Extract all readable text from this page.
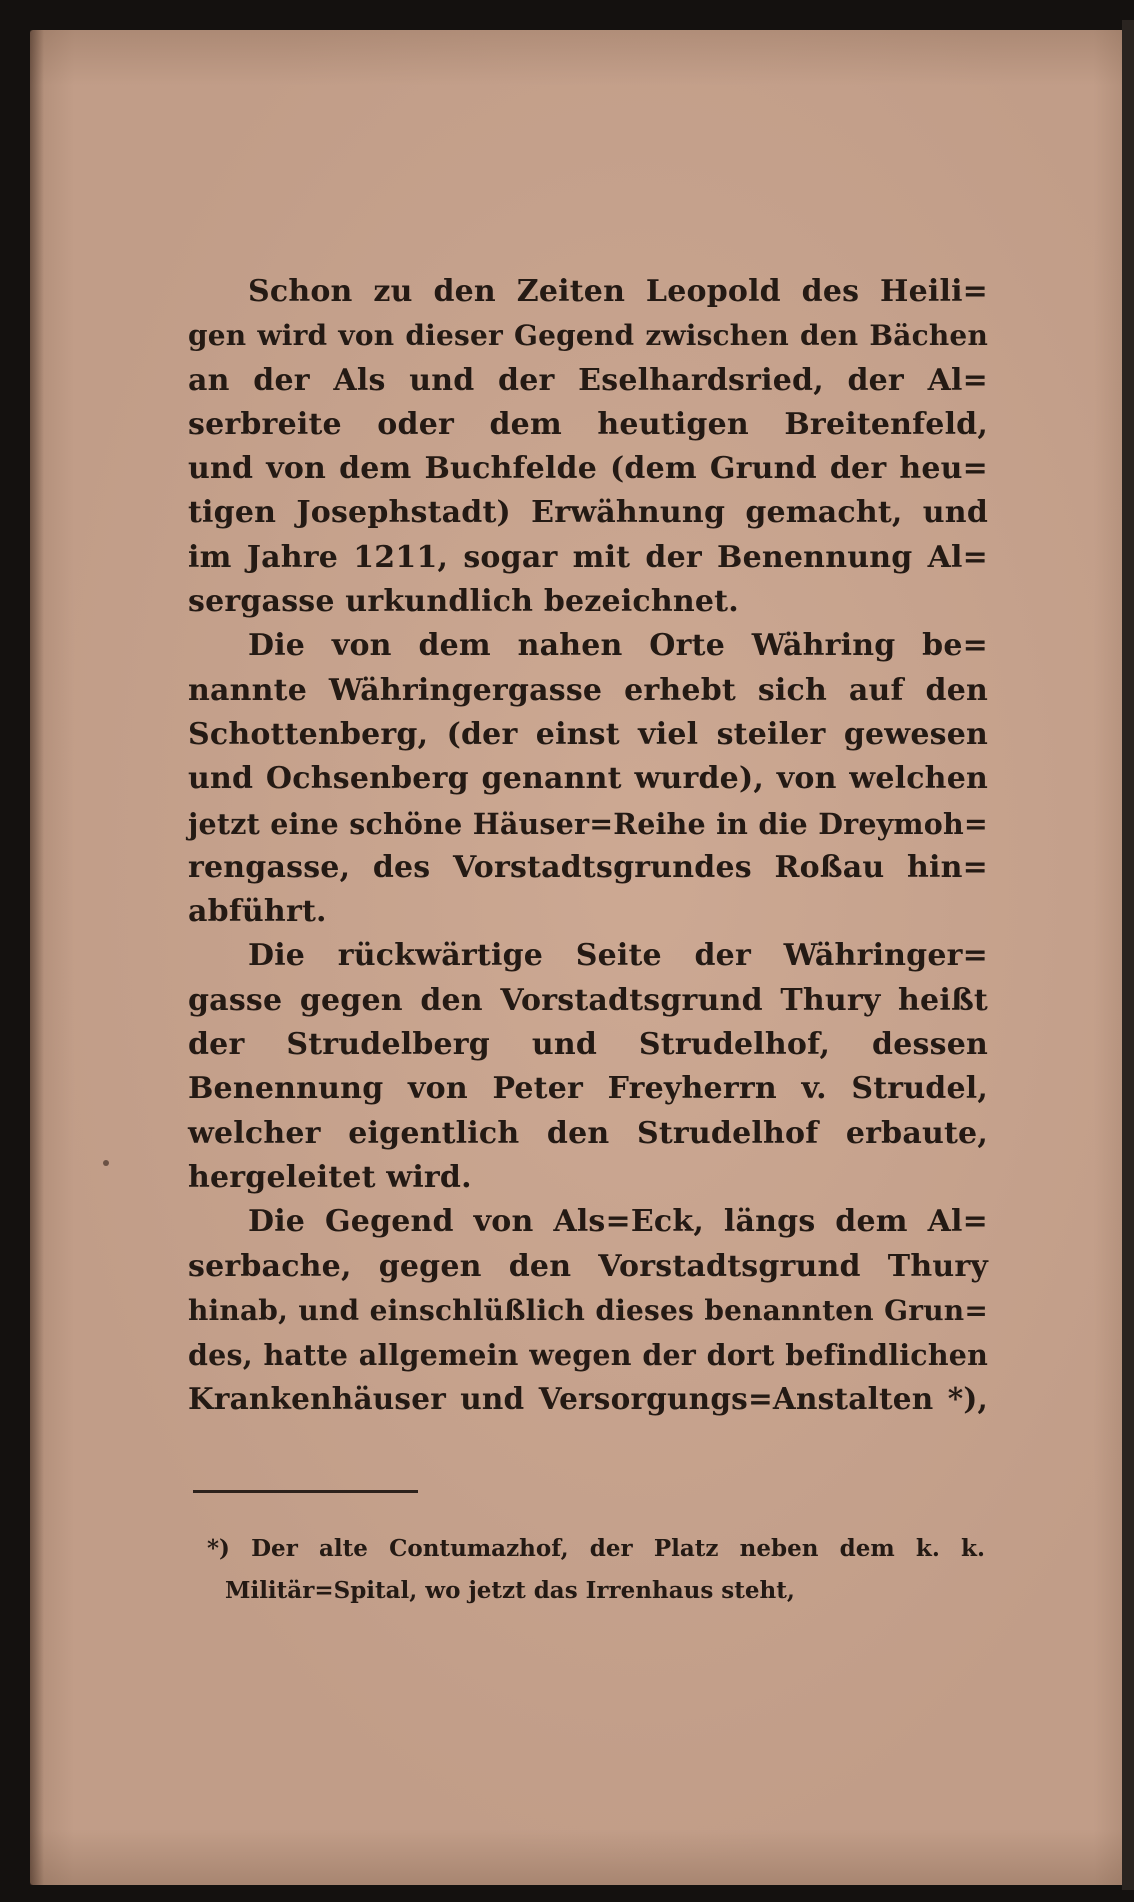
Schon zu den Zeiten Leopold des Heili=
gen wird von dieser Gegend zwischen den Bächen
an der Als und der Eselhardsried, der Al=
serbreite oder dem heutigen Breitenfeld,
und von dem Buchfelde (dem Grund der heu=
tigen Josephstadt) Erwähnung gemacht, und
im Jahre 1211, sogar mit der Benennung Al=
sergasse urkundlich bezeichnet.
Die von dem nahen Orte Währing be=
nannte Währingergasse erhebt sich auf den
Schottenberg, (der einst viel steiler gewesen
und Ochsenberg genannt wurde), von welchen
jetzt eine schöne Häuser=Reihe in die Dreymoh=
rengasse, des Vorstadtsgrundes Roßau hin=
abführt.
Die rückwärtige Seite der Währinger=
gasse gegen den Vorstadtsgrund Thury heißt
der Strudelberg und Strudelhof, dessen
Benennung von Peter Freyherrn v. Strudel,
welcher eigentlich den Strudelhof erbaute,
hergeleitet wird.
Die Gegend von Als=Eck, längs dem Al=
serbache, gegen den Vorstadtsgrund Thury
hinab, und einschlüßlich dieses benannten Grun=
des, hatte allgemein wegen der dort befindlichen
Krankenhäuser und Versorgungs=Anstalten *),
*) Der alte Contumazhof, der Platz neben dem k. k.
Militär=Spital, wo jetzt das Irrenhaus steht,
